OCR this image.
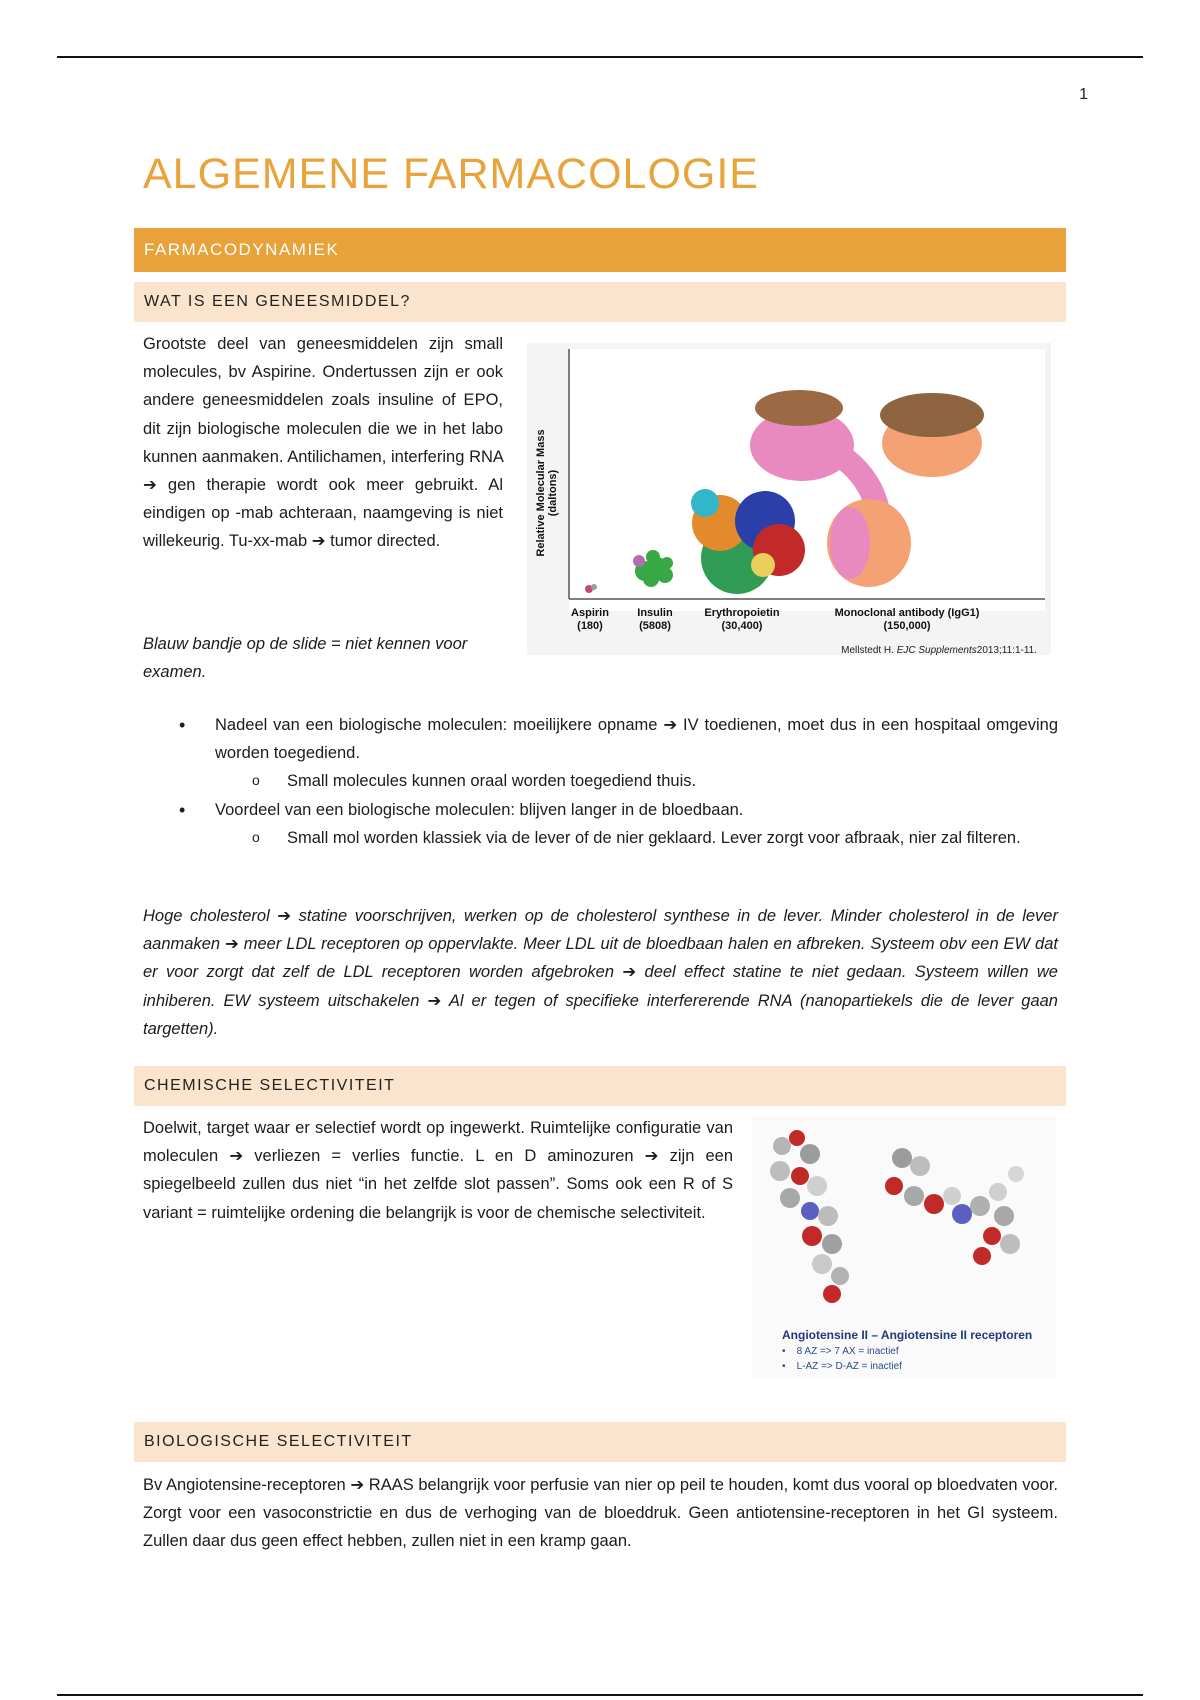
1
ALGEMENE FARMACOLOGIE
FARMACODYNAMIEK
WAT IS EEN GENEESMIDDEL?

Grootste deel van geneesmiddelen zijn small molecules, bv Aspirine. Ondertussen zijn er ook andere geneesmiddelen zoals insuline of EPO, dit zijn biologische moleculen die we in het labo kunnen aanmaken. Antilichamen, interfering RNA ➔ gen therapie wordt ook meer gebruikt. Al eindigen op -mab achteraan, naamgeving is niet willekeurig. Tu-xx-mab ➔ tumor directed.

Blauw bandje op de slide = niet kennen voor examen.
Relative Molecular Mass (daltons)
Aspirin
(180)
Insulin
(5808)
Erythropoietin
(30,400)
Monoclonal antibody (IgG1)
(150,000)
Mellstedt H. EJC Supplements2013;11:1-11.
• Nadeel van een biologische moleculen: moeilijkere opname ➔ IV toedienen, moet dus in een hospitaal omgeving worden toegediend.
o Small molecules kunnen oraal worden toegediend thuis.
• Voordeel van een biologische moleculen: blijven langer in de bloedbaan.
o Small mol worden klassiek via de lever of de nier geklaard. Lever zorgt voor afbraak, nier zal filteren.

Hoge cholesterol ➔ statine voorschrijven, werken op de cholesterol synthese in de lever. Minder cholesterol in de lever aanmaken ➔ meer LDL receptoren op oppervlakte. Meer LDL uit de bloedbaan halen en afbreken. Systeem obv een EW dat er voor zorgt dat zelf de LDL receptoren worden afgebroken ➔ deel effect statine te niet gedaan. Systeem willen we inhiberen. EW systeem uitschakelen ➔ Al er tegen of specifieke interfererende RNA (nanopartiekels die de lever gaan targetten).

CHEMISCHE SELECTIVITEIT

Doelwit, target waar er selectief wordt op ingewerkt. Ruimtelijke configuratie van moleculen ➔ verliezen = verlies functie. L en D aminozuren ➔ zijn een spiegelbeeld zullen dus niet “in het zelfde slot passen”. Soms ook een R of S variant = ruimtelijke ordening die belangrijk is voor de chemische selectiviteit.

Angiotensine II – Angiotensine II receptoren
•    8 AZ => 7 AX = inactief
•    L-AZ => D-AZ = inactief
BIOLOGISCHE SELECTIVITEIT

Bv Angiotensine-receptoren ➔ RAAS belangrijk voor perfusie van nier op peil te houden, komt dus vooral op bloedvaten voor. Zorgt voor een vasoconstrictie en dus de verhoging van de bloeddruk. Geen antiotensine-receptoren in het GI systeem. Zullen daar dus geen effect hebben, zullen niet in een kramp gaan.
